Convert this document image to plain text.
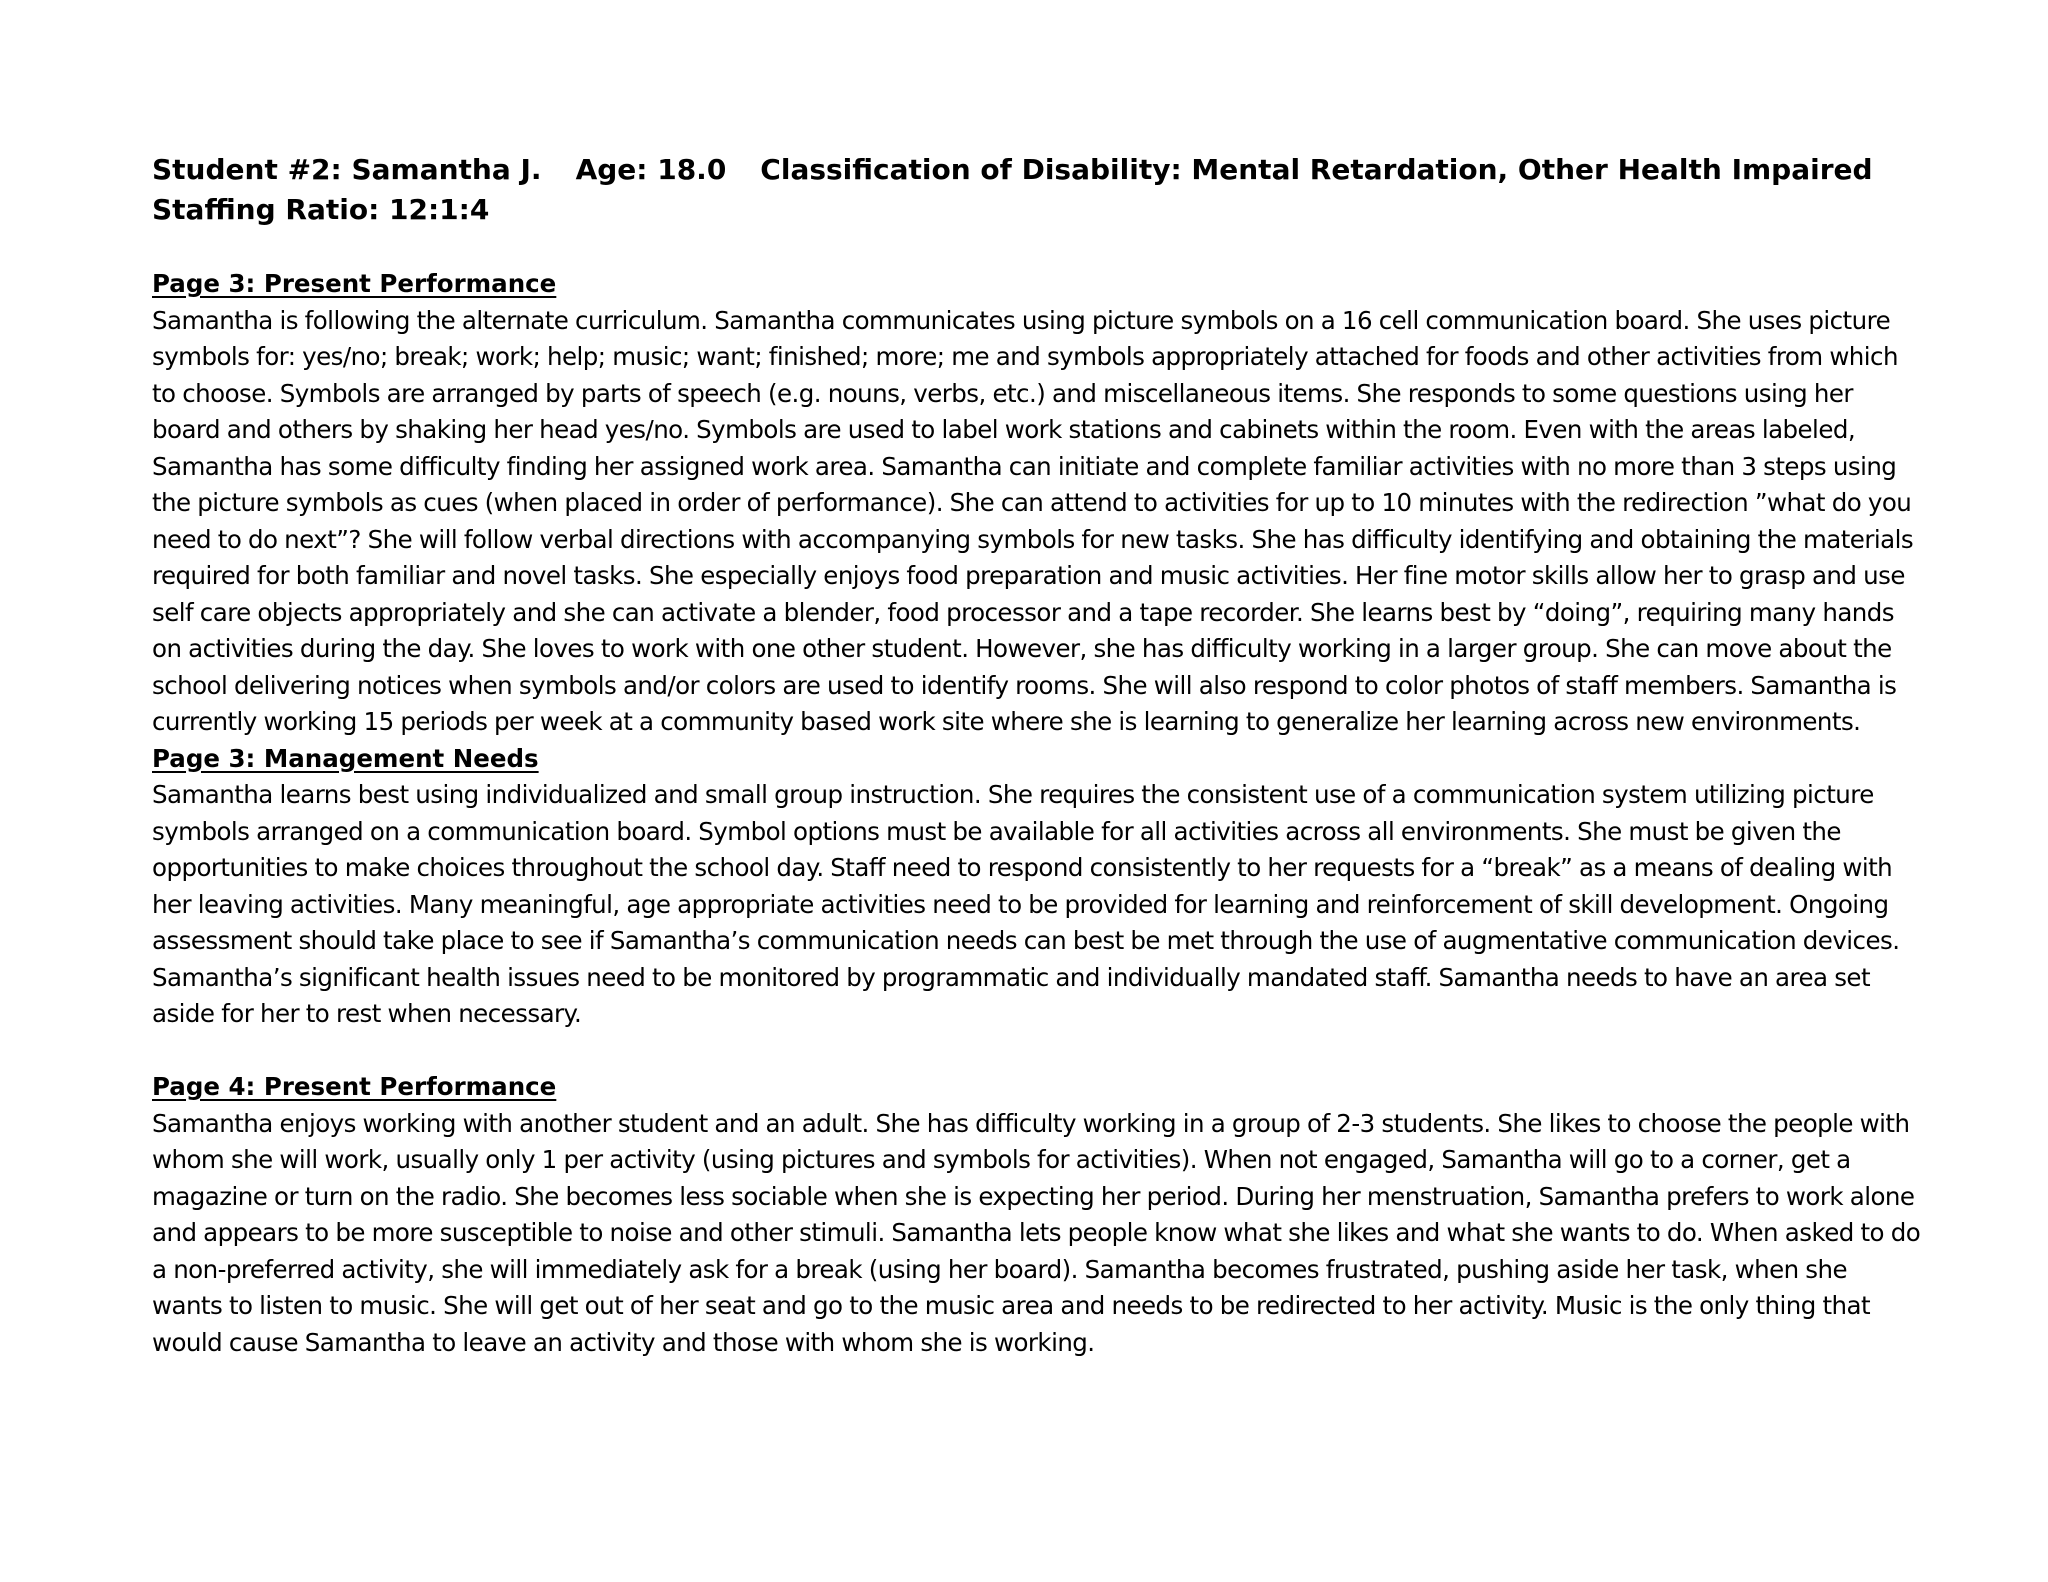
Student #2: Samantha J. Age: 18.0 Classification of Disability: Mental Retardation, Other Health Impaired
Staffing Ratio: 12:1:4
Page 3: Present Performance

Samantha is following the alternate curriculum. Samantha communicates using picture symbols on a 16 cell communication board. She uses picture symbols for: yes/no; break; work; help; music; want; finished; more; me and symbols appropriately attached for foods and other activities from which to choose. Symbols are arranged by parts of speech (e.g. nouns, verbs, etc.) and miscellaneous items. She responds to some questions using her board and others by shaking her head yes/no. Symbols are used to label work stations and cabinets within the room. Even with the areas labeled, Samantha has some difficulty finding her assigned work area. Samantha can initiate and complete familiar activities with no more than 3 steps using the picture symbols as cues (when placed in order of performance). She can attend to activities for up to 10 minutes with the redirection ”what do you need to do next”? She will follow verbal directions with accompanying symbols for new tasks. She has difficulty identifying and obtaining the materials required for both familiar and novel tasks. She especially enjoys food preparation and music activities. Her fine motor skills allow her to grasp and use self care objects appropriately and she can activate a blender, food processor and a tape recorder. She learns best by “doing”, requiring many hands on activities during the day. She loves to work with one other student. However, she has difficulty working in a larger group. She can move about the school delivering notices when symbols and/or colors are used to identify rooms. She will also respond to color photos of staff members. Samantha is currently working 15 periods per week at a community based work site where she is learning to generalize her learning across new environments.

Page 3: Management Needs

Samantha learns best using individualized and small group instruction. She requires the consistent use of a communication system utilizing picture symbols arranged on a communication board. Symbol options must be available for all activities across all environments. She must be given the opportunities to make choices throughout the school day. Staff need to respond consistently to her requests for a “break” as a means of dealing with her leaving activities. Many meaningful, age appropriate activities need to be provided for learning and reinforcement of skill development. Ongoing assessment should take place to see if Samantha’s communication needs can best be met through the use of augmentative communication devices. Samantha’s significant health issues need to be monitored by programmatic and individually mandated staff. Samantha needs to have an area set aside for her to rest when necessary.

Page 4: Present Performance

Samantha enjoys working with another student and an adult. She has difficulty working in a group of 2-3 students. She likes to choose the people with whom she will work, usually only 1 per activity (using pictures and symbols for activities). When not engaged, Samantha will go to a corner, get a magazine or turn on the radio. She becomes less sociable when she is expecting her period. During her menstruation, Samantha prefers to work alone and appears to be more susceptible to noise and other stimuli. Samantha lets people know what she likes and what she wants to do. When asked to do a non-preferred activity, she will immediately ask for a break (using her board). Samantha becomes frustrated, pushing aside her task, when she wants to listen to music. She will get out of her seat and go to the music area and needs to be redirected to her activity. Music is the only thing that would cause Samantha to leave an activity and those with whom she is working.
